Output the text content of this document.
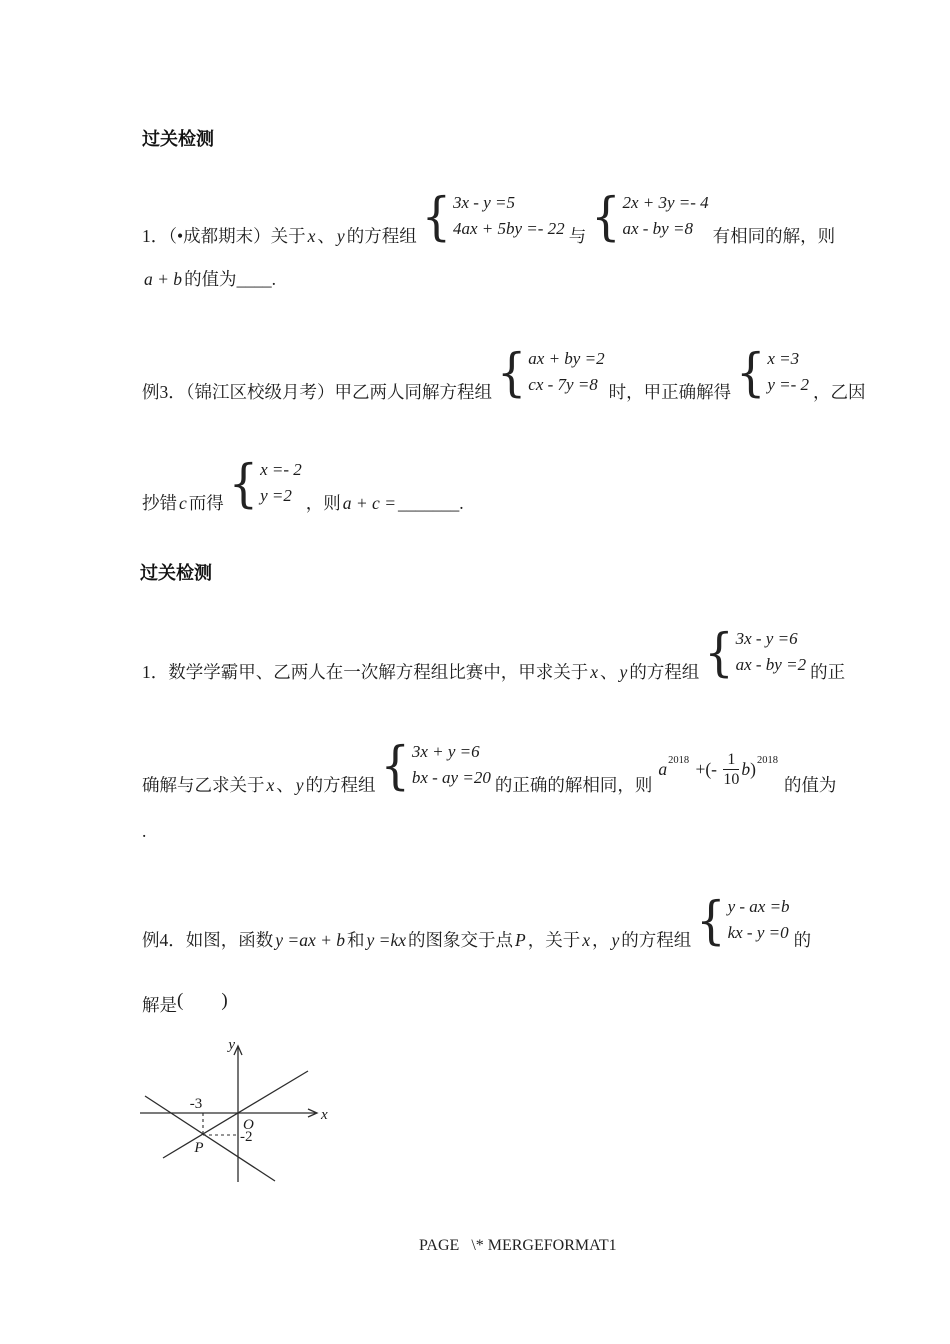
过关检测
1．（•成都期末）关于 x 、 y 的方程组 { 3x - y =5
4ax + 5by =- 22 与 { 2x + 3y =- 4
ax - by =8	有相同的解，则
a + b 的值为 ____ .
例3．（锦江区校级月考）甲乙两人同解方程组 { ax + by =2
cx - 7y =8 时，甲正确解得 { x =3
y =- 2 ，乙因
抄错 c 而得 { x =- 2
y =2 ，则 a + c = _______ .
过关检测
1．数学学霸甲、乙两人在一次解方程组比赛中，甲求关于 x 、 y 的方程组 { 3x - y =6
ax - by =2 的正
确解与乙求关于 x 、 y 的方程组 { 3x + y =6
bx - ay =20 的正确的解相同，则
a 2018 +(- $\frac{1}{10}$ b ) 2018
的值为
.
例4．如图，函数 y =ax + b 和 y =kx 的图象交于点 P ，关于 x ， y 的方程组 { y - ax =b
kx - y =0 的
解是 (        )
y
x
O
-3
-2
P
PAGE   \* MERGEFORMAT1
